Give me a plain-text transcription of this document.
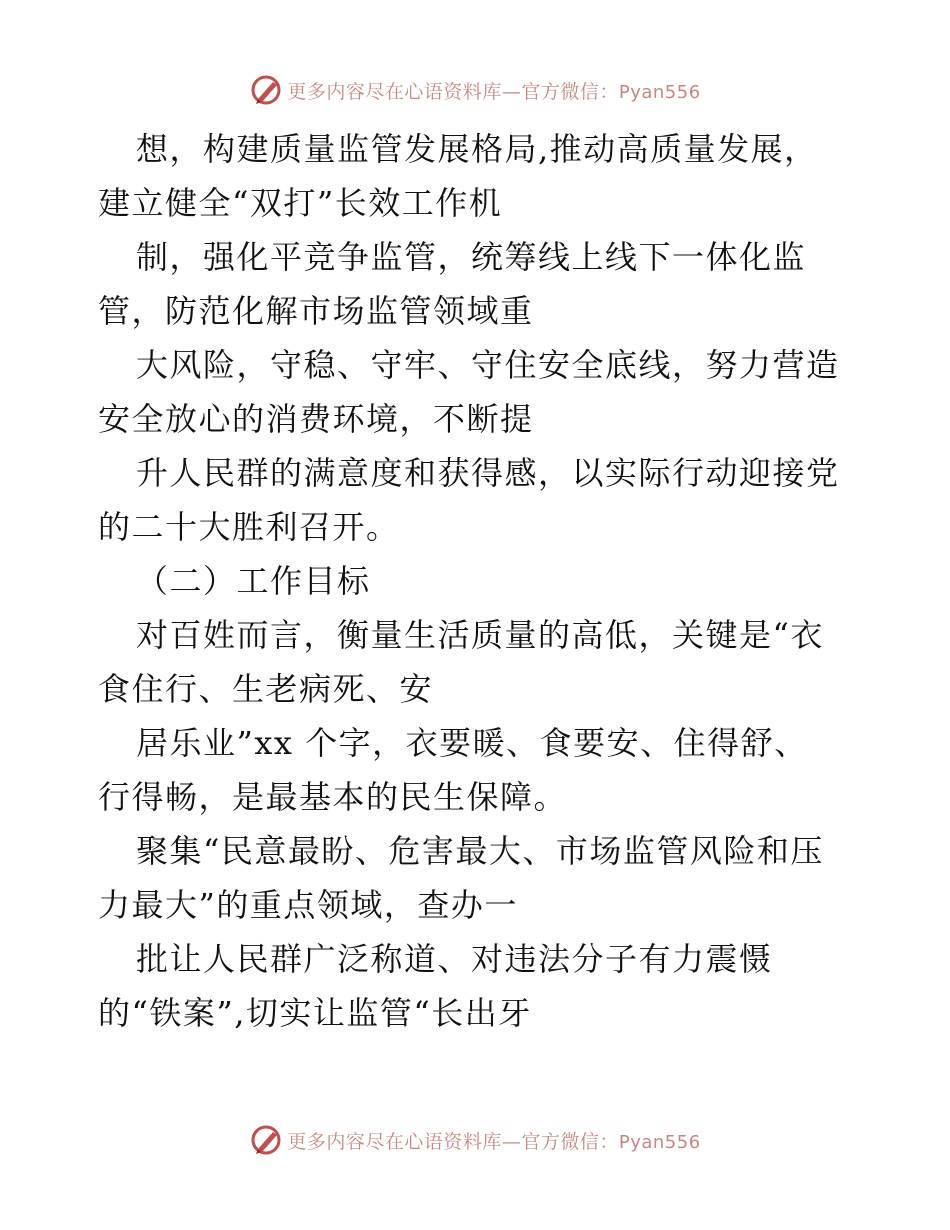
更多内容尽在心语资料库—官方微信：Pyan556

想，构建质量监管发展格局,推动高质量发展，

建立健全“双打”长效工作机

制，强化平竞争监管，统筹线上线下一体化监

管，防范化解市场监管领域重

大风险，守稳、守牢、守住安全底线，努力营造

安全放心的消费环境，不断提

升人民群的满意度和获得感，以实际行动迎接党

的二十大胜利召开。

（二）工作目标

对百姓而言，衡量生活质量的高低，关键是“衣

食住行、生老病死、安

居乐业”xx 个字，衣要暖、食要安、住得舒、

行得畅，是最基本的民生保障。

聚集“民意最盼、危害最大、市场监管风险和压

力最大”的重点领域，查办一

批让人民群广泛称道、对违法分子有力震慑

的“铁案”,切实让监管“长出牙

更多内容尽在心语资料库—官方微信：Pyan556
